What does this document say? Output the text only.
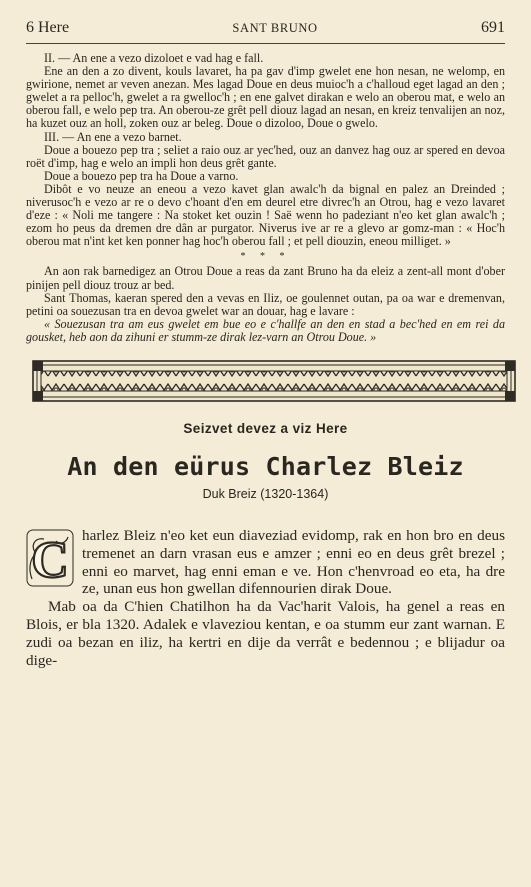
6 Here	SANT BRUNO	691

II. — An ene a vezo dizoloet e vad hag e fall.

Ene an den a zo divent, kouls lavaret, ha pa gav d'imp gwelet ene hon nesan, ne welomp, en gwirione, nemet ar veven anezan. Mes lagad Doue en deus muioc'h a c'halloud eget lagad an den ; gwelet a ra pelloc'h, gwelet a ra gwelloc'h ; en ene galvet dirakan e welo an oberou mat, e welo an oberou fall, e welo pep tra. An oberou-ze grêt pell diouz lagad an nesan, en kreiz tenvalijen an noz, ha kuzet ouz an holl, zoken ouz ar beleg. Doue o dizoloo, Doue o gwelo.

III. — An ene a vezo barnet.

Doue a bouezo pep tra ; seliet a raio ouz ar yec'hed, ouz an danvez hag ouz ar spered en devoa roët d'imp, hag e welo an impli hon deus grêt gante.

Doue a bouezo pep tra ha Doue a varno.

Dibôt e vo neuze an eneou a vezo kavet glan awalc'h da bignal en palez an Dreinded ; niverusoc'h e vezo ar re o devo c'hoant d'en em deurel etre divrec'h an Otrou, hag e vezo lavaret d'eze : « Noli me tangere : Na stoket ket ouzin ! Saë wenn ho padeziant n'eo ket glan awalc'h ; ezom ho peus da dremen dre dân ar purgator. Niverus ive ar re a glevo ar gomz-man : « Hoc'h oberou mat n'int ket ken ponner hag hoc'h oberou fall ; et pell diouzin, eneou milliget. »

* * *

An aon rak barnedigez an Otrou Doue a reas da zant Bruno ha da eleiz a zent-all mont d'ober pinijen pell diouz trouz ar bed.

Sant Thomas, kaeran spered den a vevas en Iliz, oe goulennet outan, pa oa war e dremenvan, petini oa souezusan tra en devoa gwelet war an douar, hag e lavare :

« Souezusan tra am eus gwelet em bue eo e c'hallfe an den en stad a bec'hed en em rei da gousket, heb aon da zihuni er stumm-ze dirak lez-varn an Otrou Doue. »

Seizvet devez a viz Here
An den eürus Charlez Bleiz
Duk Breiz (1320-1364)
C harlez Bleiz n'eo ket eun diaveziad evidomp, rak en hon bro en deus tremenet an darn vrasan eus e amzer ; enni eo en deus grêt brezel ; enni eo marvet, hag enni eman e ve. Hon c'henvroad eo eta, ha dre ze, unan eus hon gwellan difennourien dirak Doue.

Mab oa da C'hien Chatilhon ha da Vac'harit Valois, ha genel a reas en Blois, er bla 1320. Adalek e vlaveziou kentan, e oa stumm eur zant warnan. E zudi oa bezan en iliz, ha kertri en dije da verrât e bedennou ; e blijadur oa dige-
